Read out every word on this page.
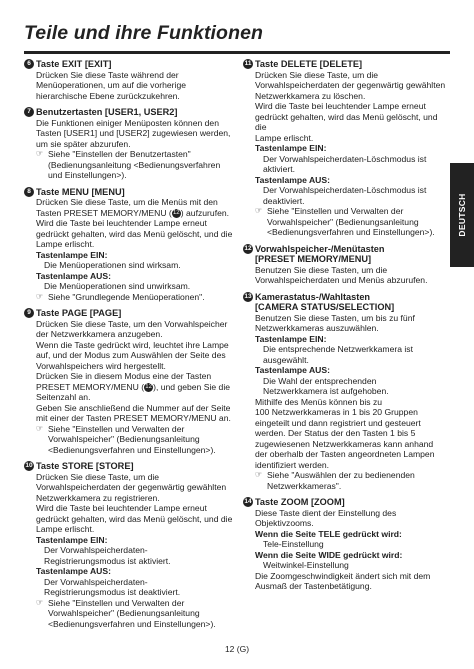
Teile und ihre Funktionen
6 Taste EXIT [EXIT]
Drücken Sie diese Taste während der
Menüoperationen, um auf die vorherige
hierarchische Ebene zurückzukehren.
7 Benutzertasten [USER1, USER2]
Die Funktionen einiger Menüposten können den
Tasten [USER1] und [USER2] zugewiesen werden,
um sie später abzurufen.
☞ Siehe "Einstellen der Benutzertasten"
(Bedienungsanleitung <Bedienungsverfahren
und Einstellungen>).
8 Taste MENU [MENU]
Drücken Sie diese Taste, um die Menüs mit den
Tasten PRESET MEMORY/MENU (12) aufzurufen.
Wird die Taste bei leuchtender Lampe erneut
gedrückt gehalten, wird das Menü gelöscht, und die
Lampe erlischt.
Tastenlampe EIN:
Die Menüoperationen sind wirksam.
Tastenlampe AUS:
Die Menüoperationen sind unwirksam.
☞ Siehe "Grundlegende Menüoperationen".
9 Taste PAGE [PAGE]
Drücken Sie diese Taste, um den Vorwahlspeicher
der Netzwerkkamera anzugeben.
Wenn die Taste gedrückt wird, leuchtet ihre Lampe
auf, und der Modus zum Auswählen der Seite des
Vorwahlspeichers wird hergestellt.
Drücken Sie in diesem Modus eine der Tasten
PRESET MEMORY/MENU (12), und geben Sie die
Seitenzahl an.
Geben Sie anschließend die Nummer auf der Seite
mit einer der Tasten PRESET MEMORY/MENU an.
☞ Siehe "Einstellen und Verwalten der
Vorwahlspeicher" (Bedienungsanleitung
<Bedienungsverfahren und Einstellungen>).
10 Taste STORE [STORE]
Drücken Sie diese Taste, um die
Vorwahlspeicherdaten der gegenwärtig gewählten
Netzwerkkamera zu registrieren.
Wird die Taste bei leuchtender Lampe erneut
gedrückt gehalten, wird das Menü gelöscht, und die
Lampe erlischt.
Tastenlampe EIN:
Der Vorwahlspeicherdaten-
Registrierungsmodus ist aktiviert.
Tastenlampe AUS:
Der Vorwahlspeicherdaten-
Registrierungsmodus ist deaktiviert.
☞ Siehe "Einstellen und Verwalten der
Vorwahlspeicher" (Bedienungsanleitung
<Bedienungsverfahren und Einstellungen>).
11 Taste DELETE [DELETE]
Drücken Sie diese Taste, um die
Vorwahlspeicherdaten der gegenwärtig gewählten
Netzwerkkamera zu löschen.
Wird die Taste bei leuchtender Lampe erneut
gedrückt gehalten, wird das Menü gelöscht, und die
Lampe erlischt.
Tastenlampe EIN:
Der Vorwahlspeicherdaten-Löschmodus ist
aktiviert.
Tastenlampe AUS:
Der Vorwahlspeicherdaten-Löschmodus ist
deaktiviert.
☞ Siehe "Einstellen und Verwalten der
Vorwahlspeicher" (Bedienungsanleitung
<Bedienungsverfahren und Einstellungen>).
12 Vorwahlspeicher-/Menütasten
[PRESET MEMORY/MENU]
Benutzen Sie diese Tasten, um die
Vorwahlspeicherdaten und Menüs abzurufen.
13 Kamerastatus-/Wahltasten
[CAMERA STATUS/SELECTION]
Benutzen Sie diese Tasten, um bis zu fünf
Netzwerkkameras auszuwählen.
Tastenlampe EIN:
Die entsprechende Netzwerkkamera ist
ausgewählt.
Tastenlampe AUS:
Die Wahl der entsprechenden
Netzwerkkamera ist aufgehoben.
Mithilfe des Menüs können bis zu
100 Netzwerkkameras in 1 bis 20 Gruppen
eingeteilt und dann registriert und gesteuert
werden. Der Status der den Tasten 1 bis 5
zugewiesenen Netzwerkkameras kann anhand
der oberhalb der Tasten angeordneten Lampen
identifiziert werden.
☞ Siehe "Auswählen der zu bedienenden
Netzwerkkameras".
14 Taste ZOOM [ZOOM]
Diese Taste dient der Einstellung des
Objektivzooms.
Wenn die Seite TELE gedrückt wird:
Tele-Einstellung
Wenn die Seite WIDE gedrückt wird:
Weitwinkel-Einstellung
Die Zoomgeschwindigkeit ändert sich mit dem
Ausmaß der Tastenbetätigung.
DEUTSCH
12 (G)
